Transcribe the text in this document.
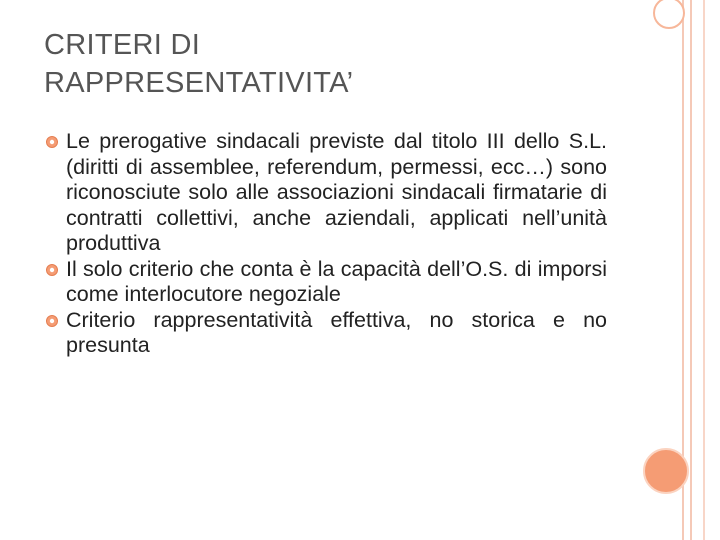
CRITERI DI
RAPPRESENTATIVITA’
Le prerogative sindacali previste dal titolo III dello S.L. (diritti di assemblee, referendum, permessi, ecc…) sono riconosciute solo alle associazioni sindacali firmatarie di contratti collettivi, anche aziendali, applicati nell’unità produttiva
Il solo criterio che conta è la capacità dell’O.S. di imporsi come interlocutore negoziale
Criterio rappresentatività effettiva, no storica e no presunta
